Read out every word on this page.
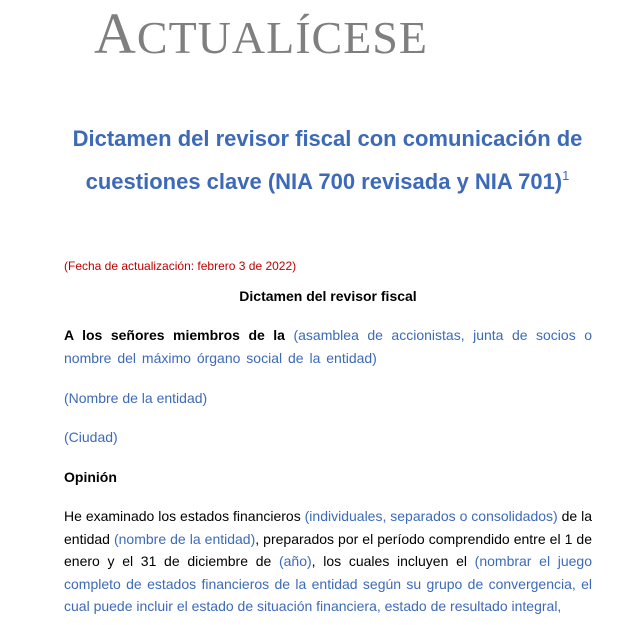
ACTUALÍCESE
Dictamen del revisor fiscal con comunicación de cuestiones clave (NIA 700 revisada y NIA 701)$^1$
(Fecha de actualización: febrero 3 de 2022)
Dictamen del revisor fiscal
A los señores miembros de la (asamblea de accionistas, junta de socios o nombre del máximo órgano social de la entidad)
(Nombre de la entidad)
(Ciudad)
Opinión
He examinado los estados financieros (individuales, separados o consolidados) de la entidad (nombre de la entidad), preparados por el período comprendido entre el 1 de enero y el 31 de diciembre de (año), los cuales incluyen el (nombrar el juego completo de estados financieros de la entidad según su grupo de convergencia, el cual puede incluir el estado de situación financiera, estado de resultado integral,
